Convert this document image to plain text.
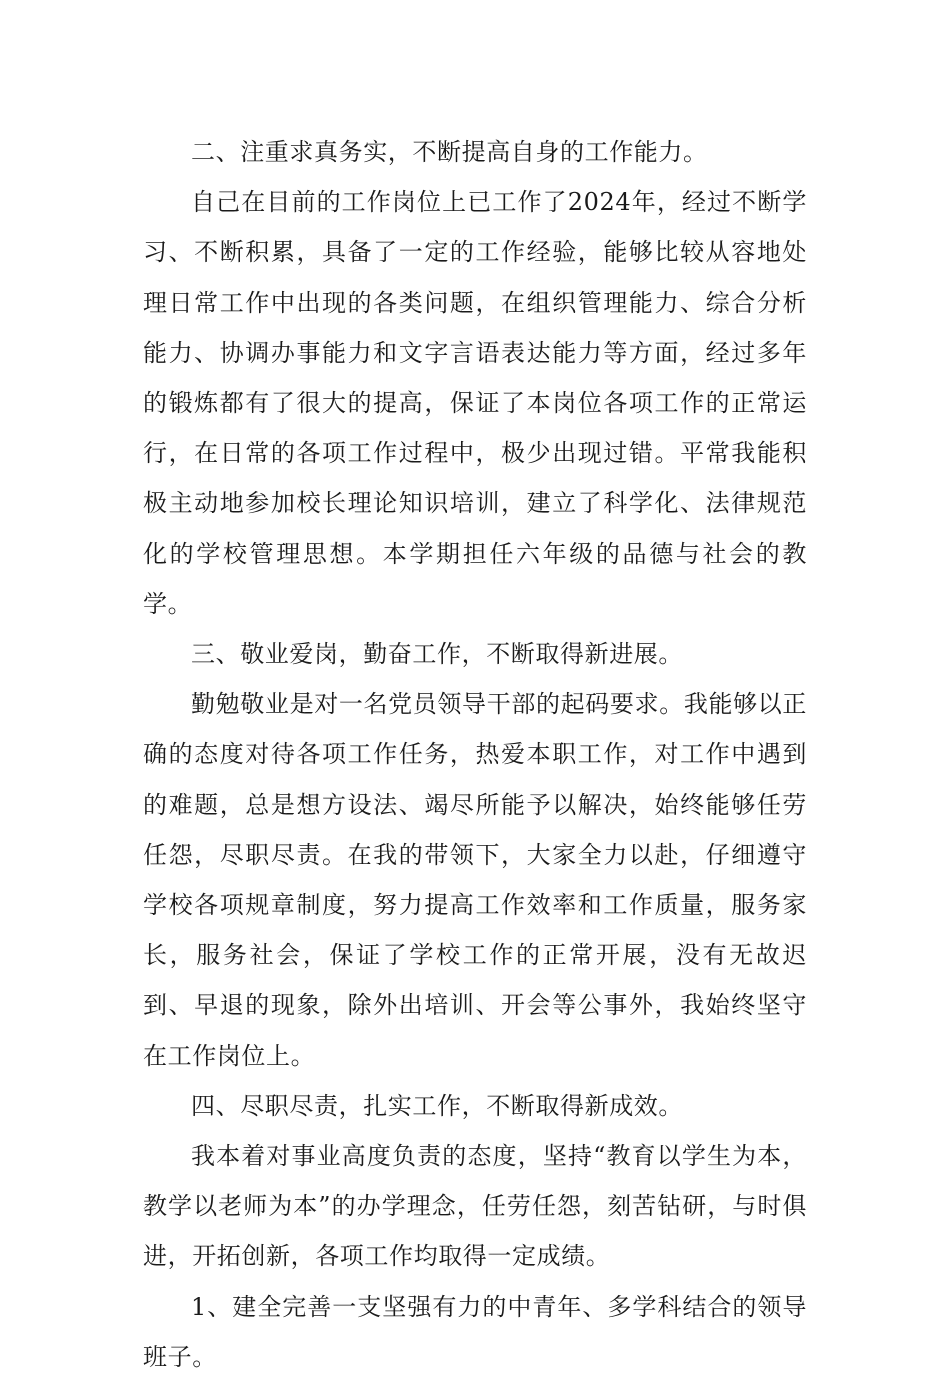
二、注重求真务实，不断提高自身的工作能力。

自己在目前的工作岗位上已工作了2024年，经过不断学习、不断积累，具备了一定的工作经验，能够比较从容地处理日常工作中出现的各类问题，在组织管理能力、综合分析能力、协调办事能力和文字言语表达能力等方面，经过多年的锻炼都有了很大的提高，保证了本岗位各项工作的正常运行，在日常的各项工作过程中，极少出现过错。平常我能积极主动地参加校长理论知识培训，建立了科学化、法律规范化的学校管理思想。本学期担任六年级的品德与社会的教学。

三、敬业爱岗，勤奋工作，不断取得新进展。

勤勉敬业是对一名党员领导干部的起码要求。我能够以正确的态度对待各项工作任务，热爱本职工作，对工作中遇到的难题，总是想方设法、竭尽所能予以解决，始终能够任劳任怨，尽职尽责。在我的带领下，大家全力以赴，仔细遵守学校各项规章制度，努力提高工作效率和工作质量，服务家长，服务社会，保证了学校工作的正常开展，没有无故迟到、早退的现象，除外出培训、开会等公事外，我始终坚守在工作岗位上。

四、尽职尽责，扎实工作，不断取得新成效。

我本着对事业高度负责的态度，坚持“教育以学生为本，教学以老师为本”的办学理念，任劳任怨，刻苦钻研，与时俱进，开拓创新，各项工作均取得一定成绩。

1、建全完善一支坚强有力的中青年、多学科结合的领导班子。
